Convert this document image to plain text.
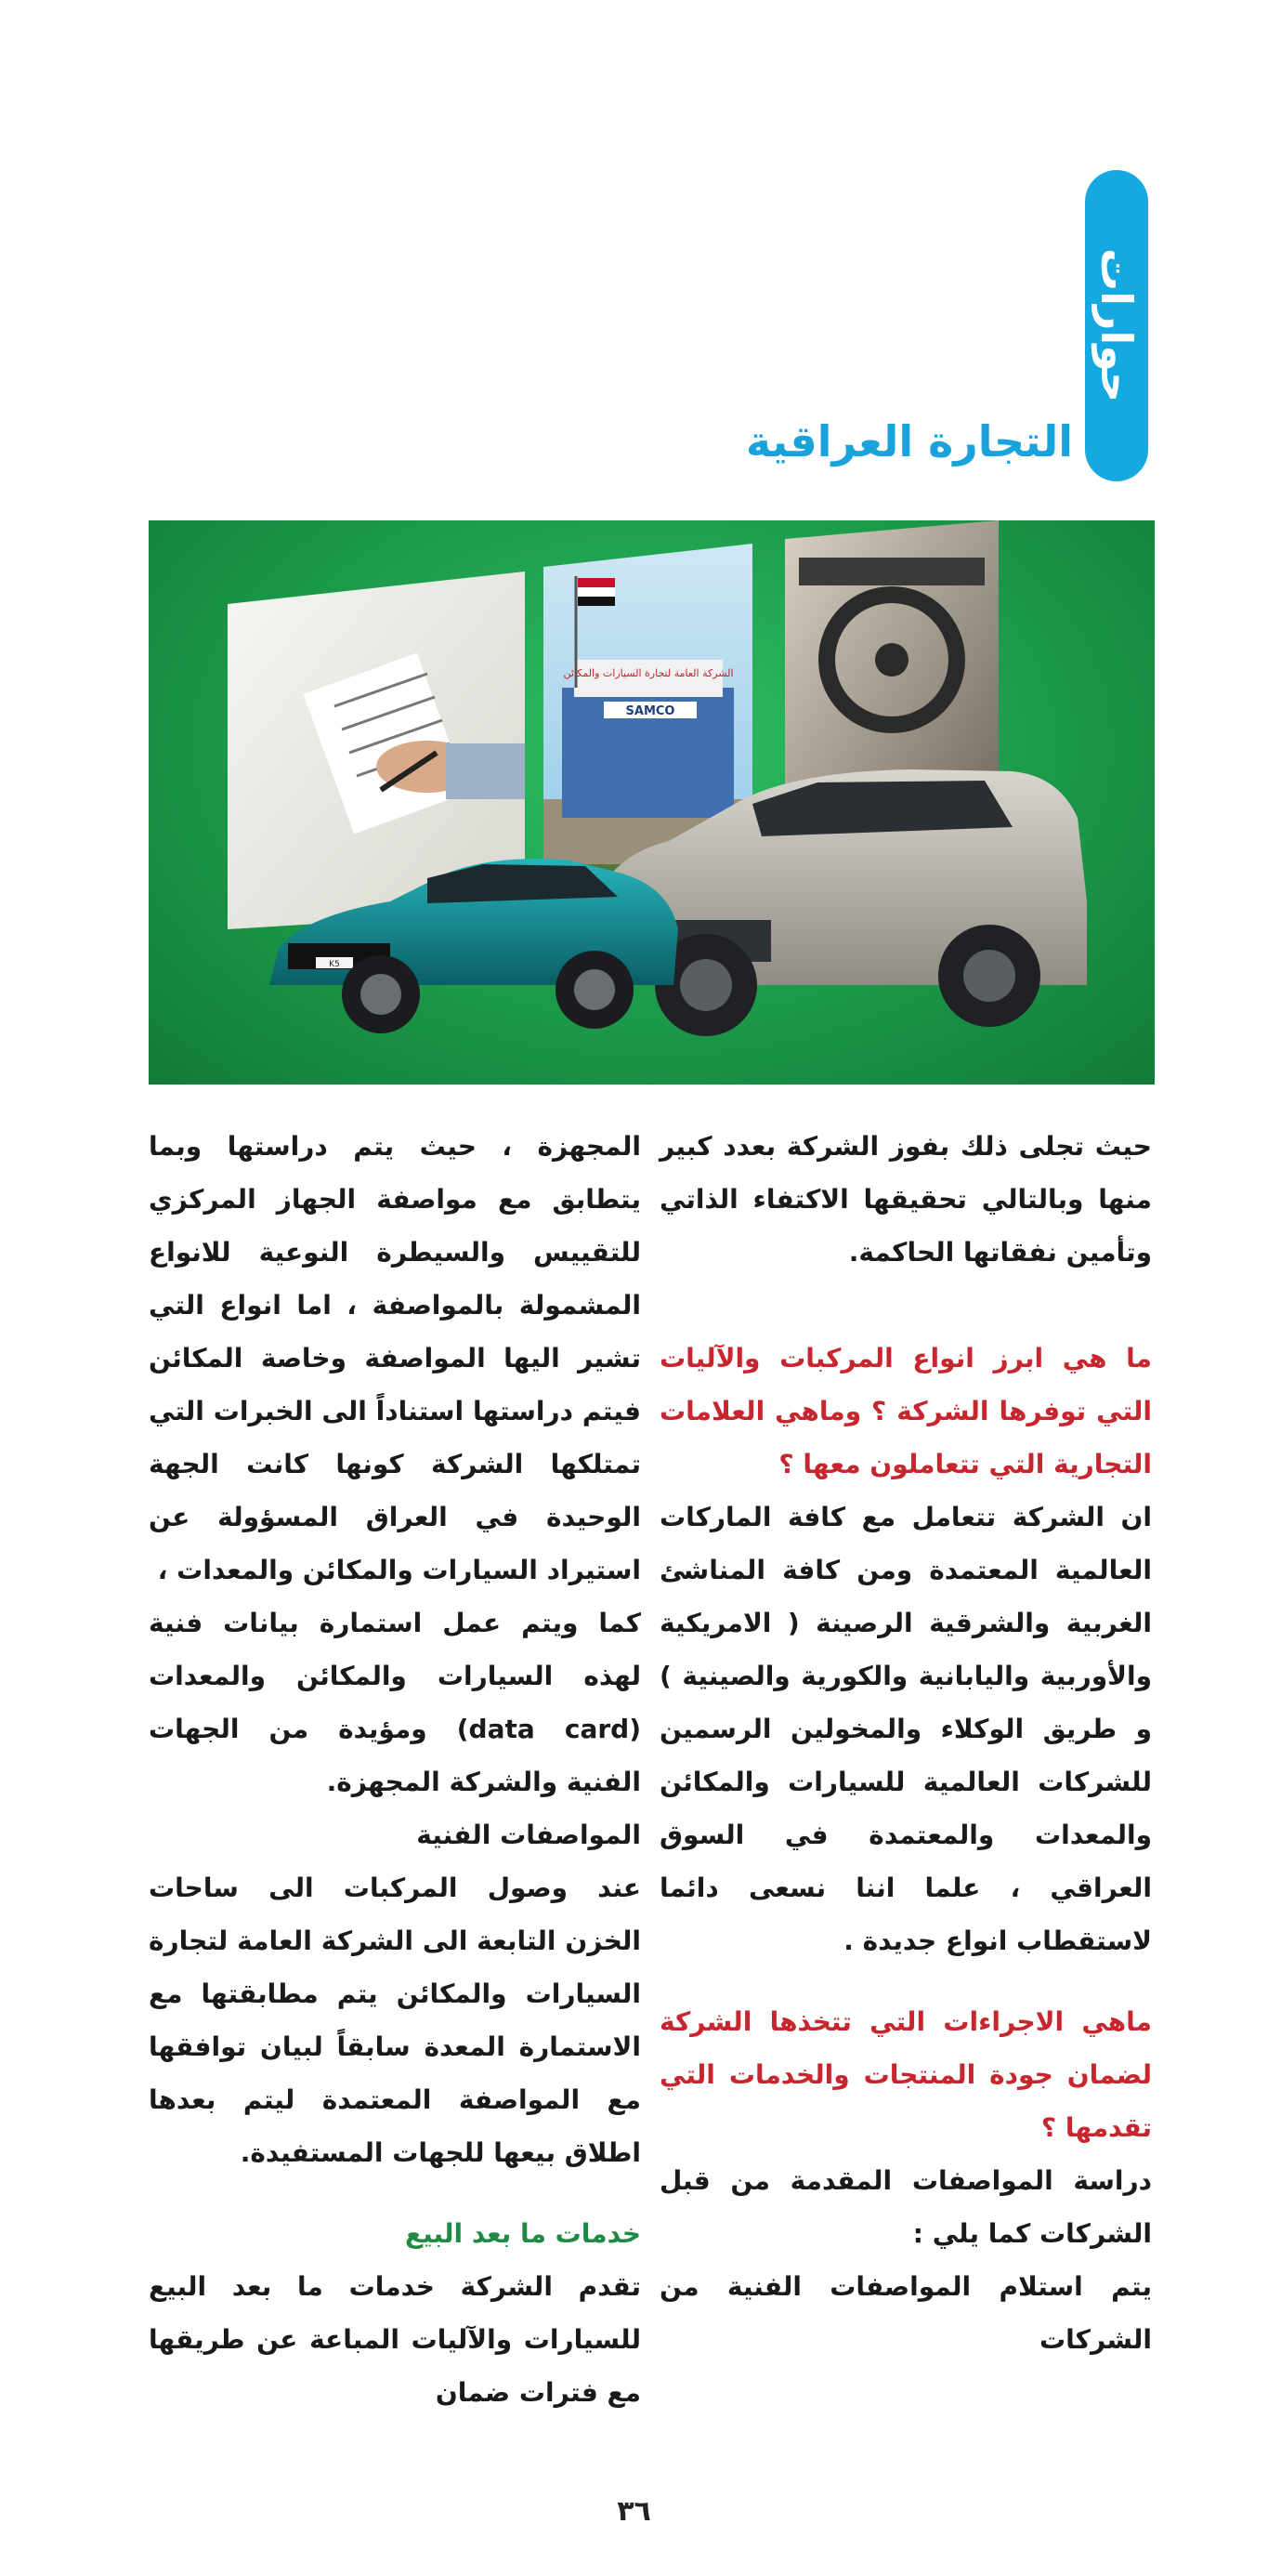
حوارات
التجارة العراقية
الشركة العامة لتجارة السيارات والمكائن
SAMCO
K5

حيث تجلى ذلك بفوز الشركة بعدد كبير منها وبالتالي تحقيقها الاكتفاء الذاتي وتأمين نفقاتها الحاكمة.

ما هي ابرز انواع المركبات والآليات التي توفرها الشركة ؟ وماهي العلامات التجارية التي تتعاملون معها ؟

ان الشركة تتعامل مع كافة الماركات العالمية المعتمدة ومن كافة المناشئ الغربية والشرقية الرصينة ( الامريكية والأوربية واليابانية والكورية والصينية ) و طريق الوكلاء والمخولين الرسمين للشركات العالمية للسيارات والمكائن والمعدات والمعتمدة في السوق العراقي ، علما اننا نسعى دائما لاستقطاب انواع جديدة .

ماهي الاجراءات التي تتخذها الشركة لضمان جودة المنتجات والخدمات التي تقدمها ؟

دراسة المواصفات المقدمة من قبل الشركات كما يلي :

يتم استلام المواصفات الفنية من الشركات

المجهزة ، حيث يتم دراستها وبما يتطابق مع مواصفة الجهاز المركزي للتقييس والسيطرة النوعية للانواع المشمولة بالمواصفة ، اما انواع التي تشير اليها المواصفة وخاصة المكائن فيتم دراستها استناداً الى الخبرات التي تمتلكها الشركة كونها كانت الجهة الوحيدة في العراق المسؤولة عن استيراد السيارات والمكائن والمعدات ،

كما ويتم عمل استمارة بيانات فنية لهذه السيارات والمكائن والمعدات (data card) ومؤيدة من الجهات الفنية والشركة المجهزة.

المواصفات الفنية

عند وصول المركبات الى ساحات الخزن التابعة الى الشركة العامة لتجارة السيارات والمكائن يتم مطابقتها مع الاستمارة المعدة سابقاً لبيان توافقها مع المواصفة المعتمدة ليتم بعدها اطلاق بيعها للجهات المستفيدة.

خدمات ما بعد البيع

تقدم الشركة خدمات ما بعد البيع للسيارات والآليات المباعة عن طريقها مع فترات ضمان

٣٦
